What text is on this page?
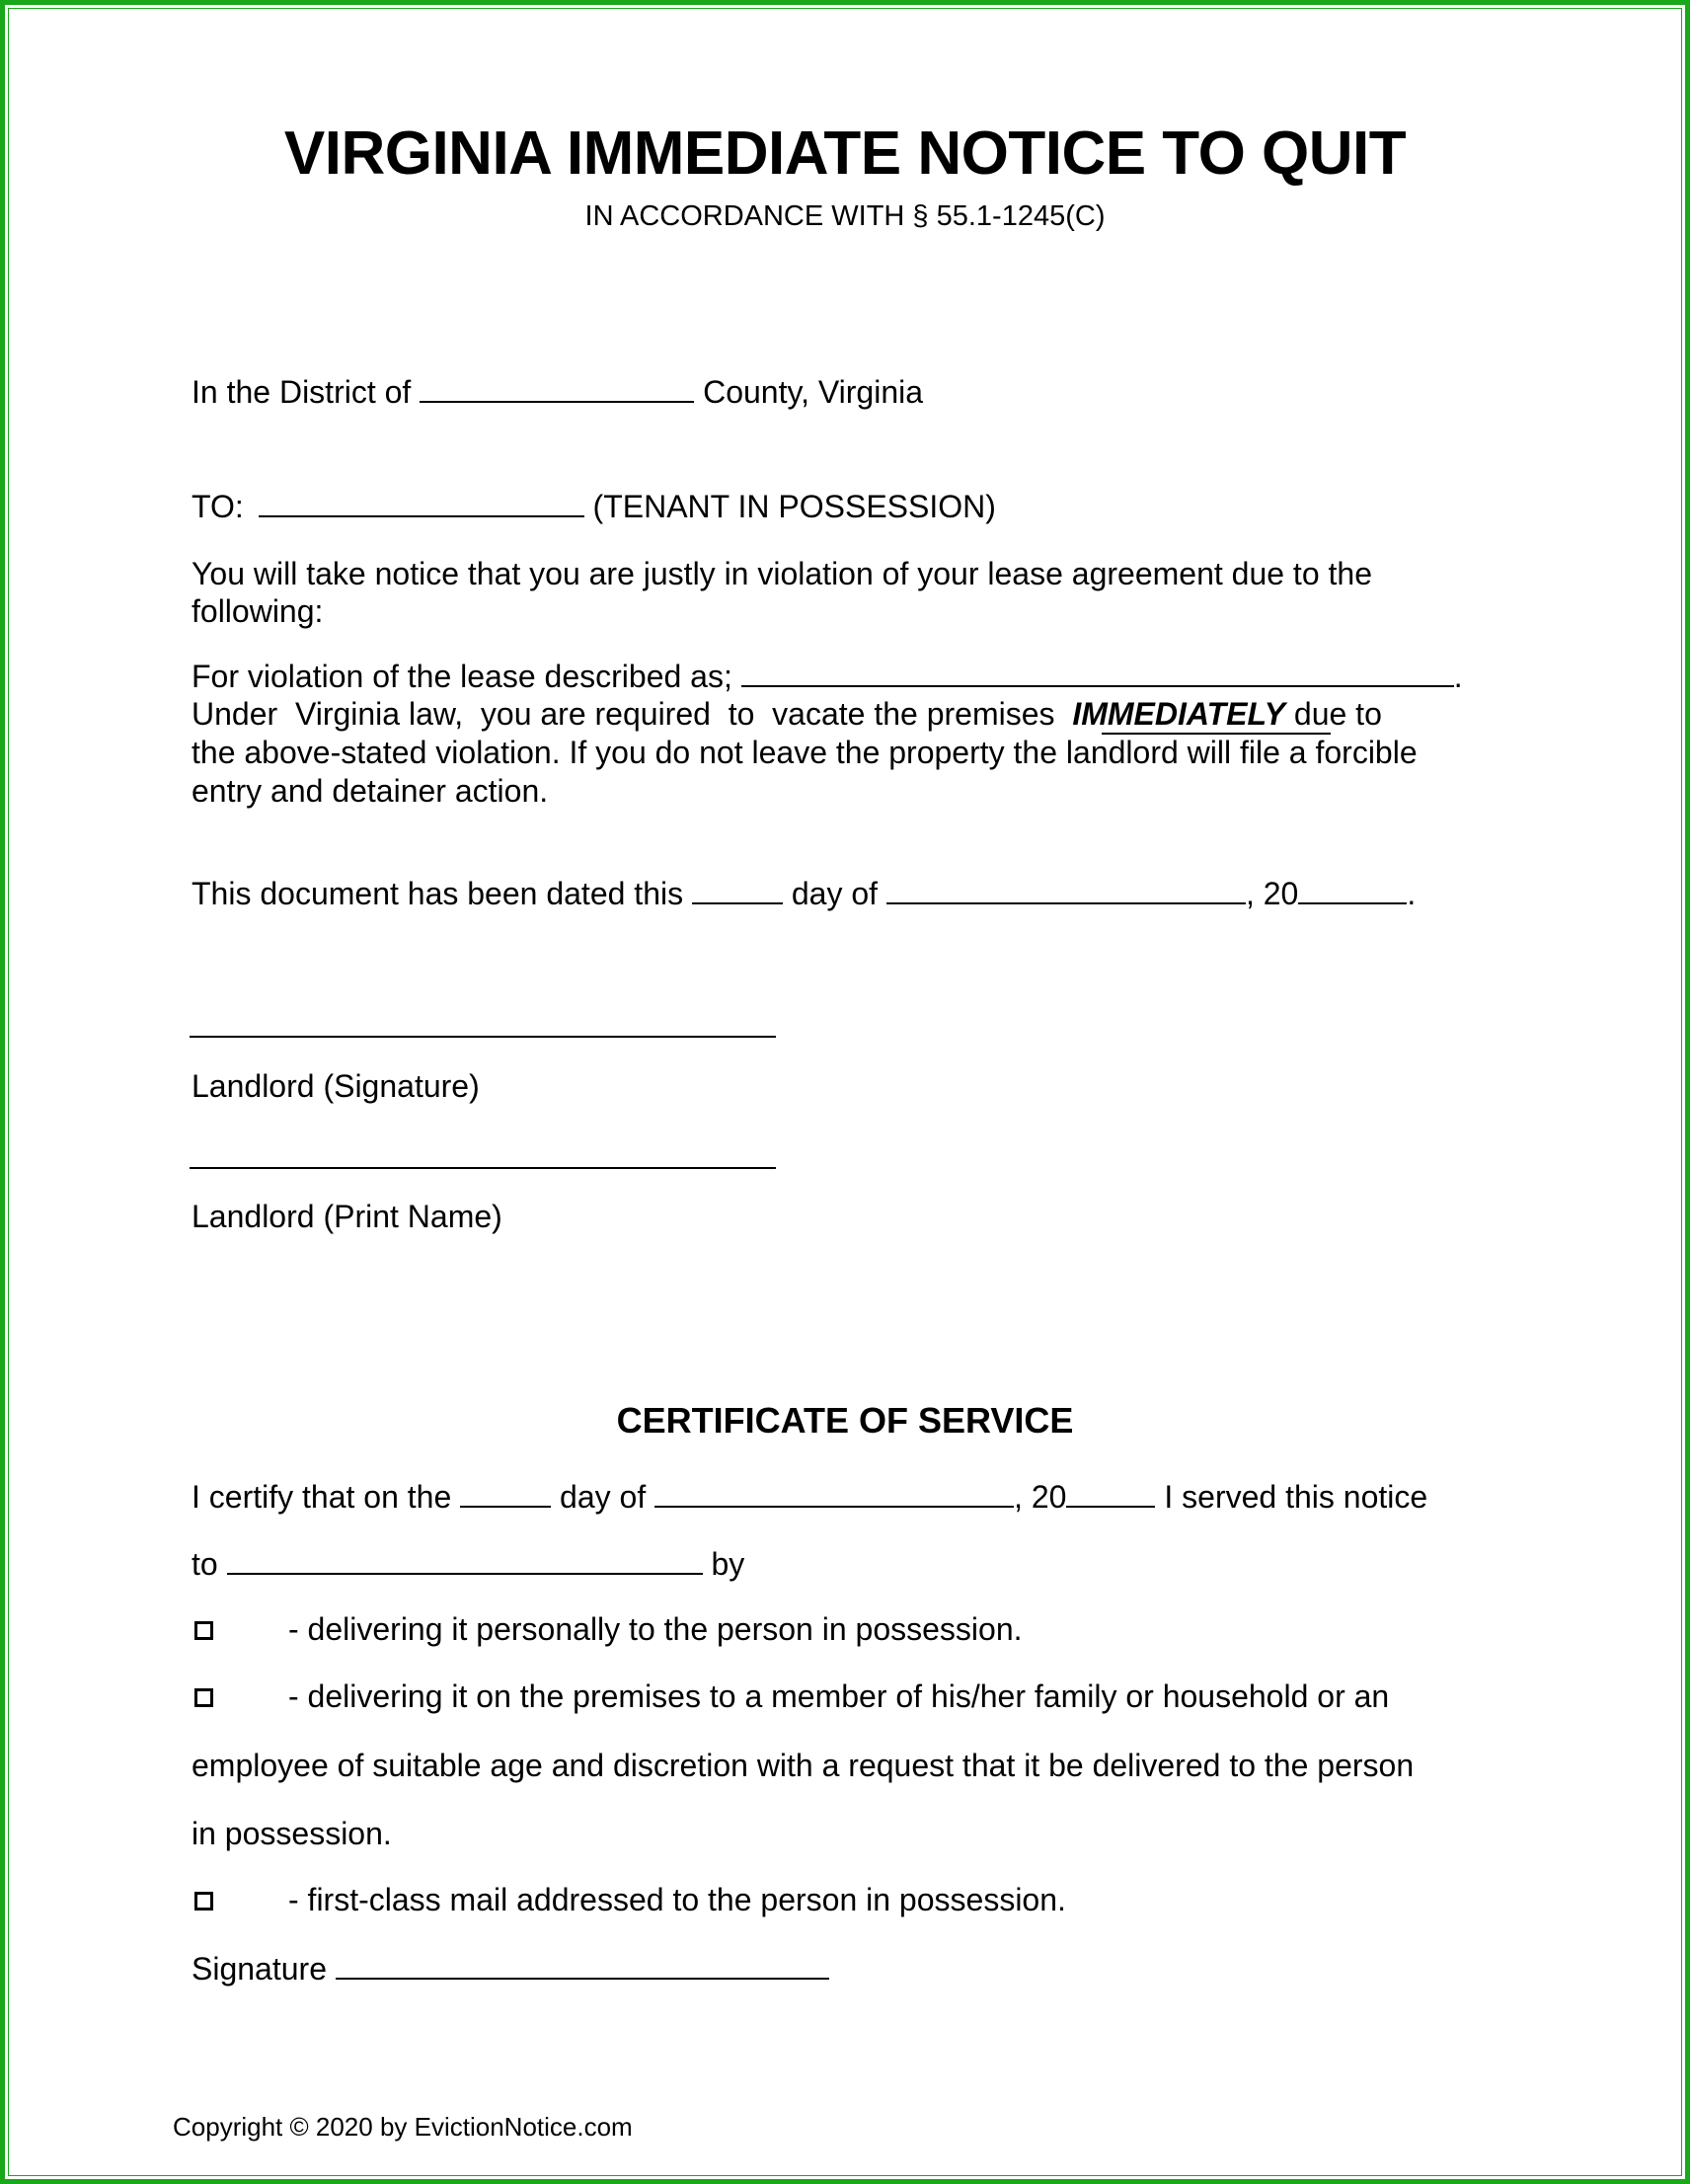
VIRGINIA IMMEDIATE NOTICE TO QUIT
IN ACCORDANCE WITH § 55.1-1245(C)
In the District of	County, Virginia
TO:	(TENANT IN POSSESSION)
You will take notice that you are justly in violation of your lease agreement due to the
following:
For violation of the lease described as;	.
Under  Virginia law,  you are required  to  vacate the premises IMMEDIATELY due to
the above-stated violation. If you do not leave the property the landlord will file a forcible
entry and detainer action.
This document has been dated this	day of	, 20	.
Landlord (Signature)
Landlord (Print Name)
CERTIFICATE OF SERVICE
I certify that on the	day of	, 20	I served this notice
to	by
- delivering it personally to the person in possession.
- delivering it on the premises to a member of his/her family or household or an
employee of suitable age and discretion with a request that it be delivered to the person
in possession.
- first-class mail addressed to the person in possession.
Signature
Copyright © 2020 by EvictionNotice.com
